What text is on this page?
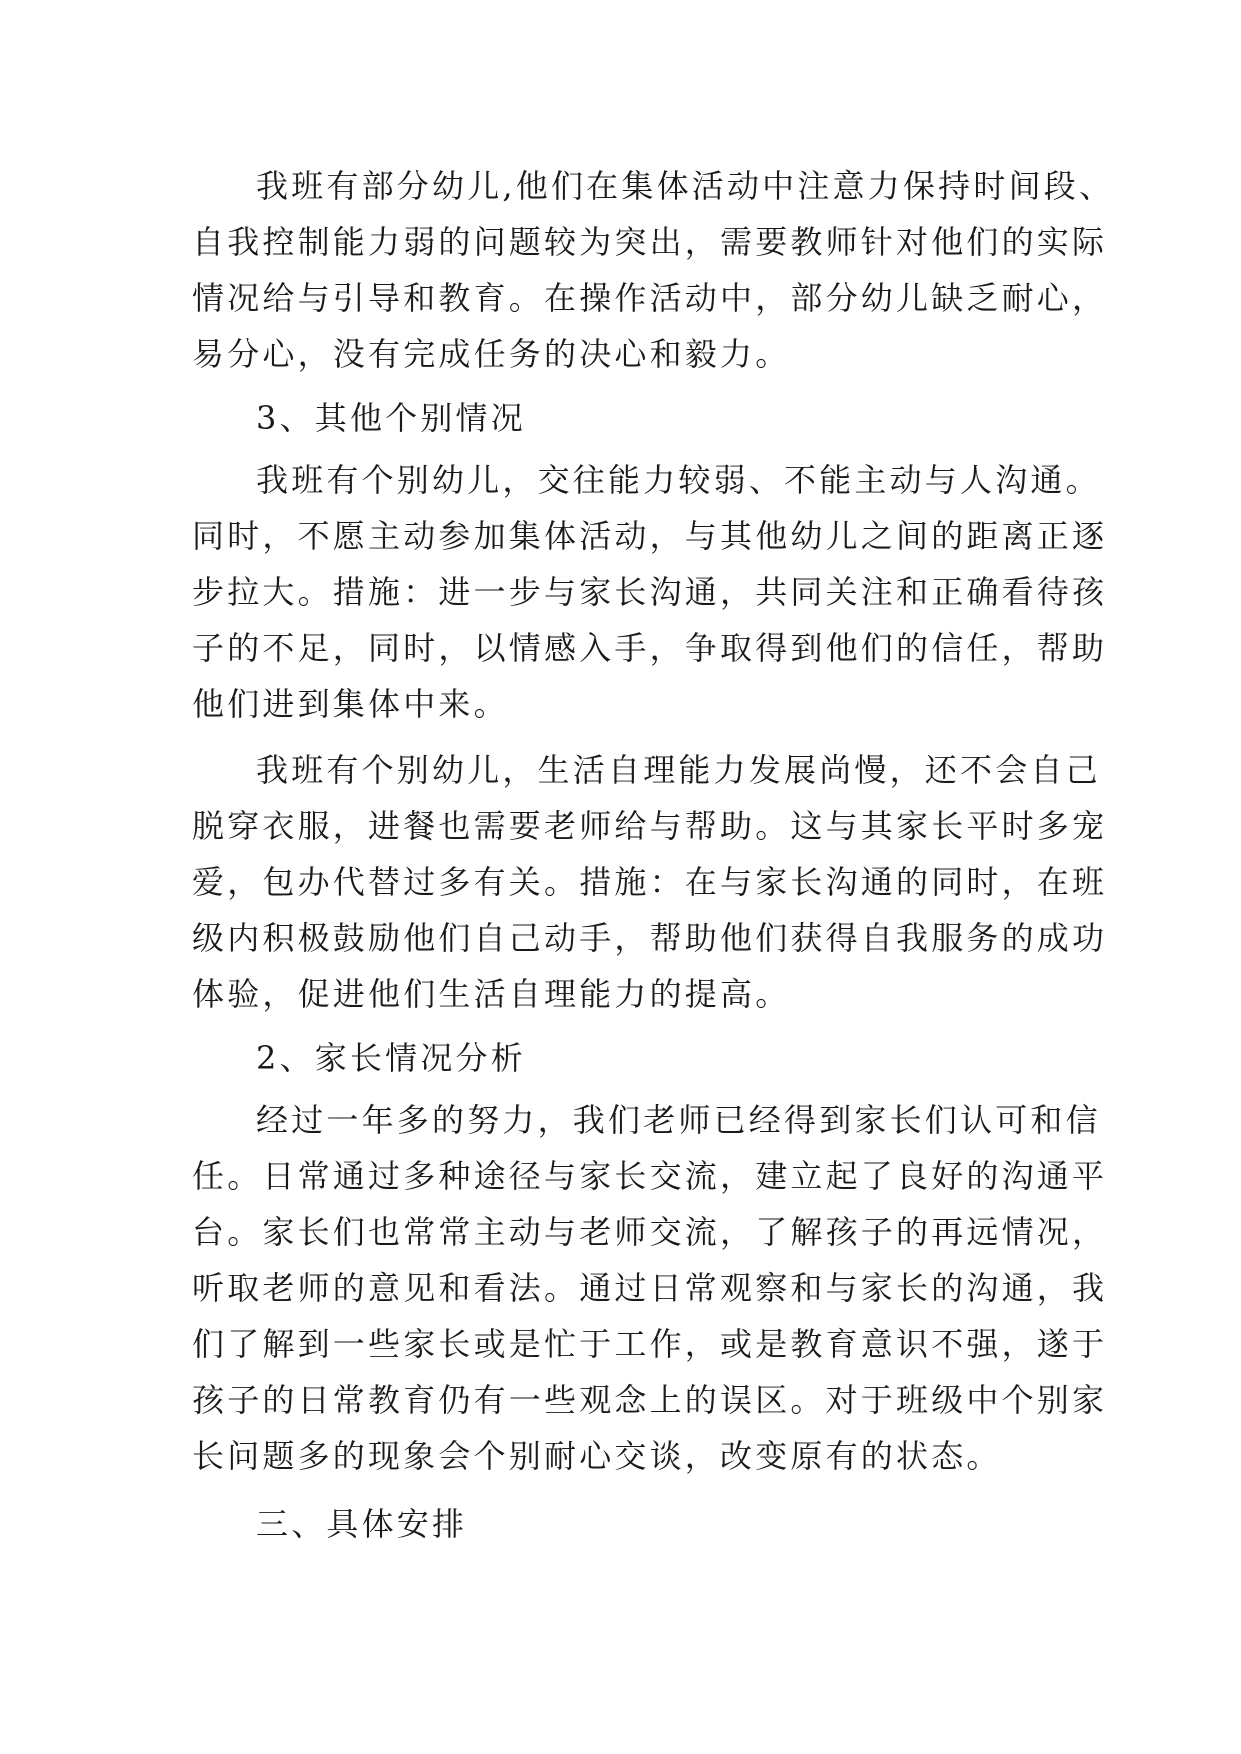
我班有部分幼儿,他们在集体活动中注意力保持时间段、
自我控制能力弱的问题较为突出，需要教师针对他们的实际
情况给与引导和教育。在操作活动中，部分幼儿缺乏耐心，
易分心，没有完成任务的决心和毅力。
3、其他个别情况
我班有个别幼儿，交往能力较弱、不能主动与人沟通。
同时，不愿主动参加集体活动，与其他幼儿之间的距离正逐
步拉大。措施：进一步与家长沟通，共同关注和正确看待孩
子的不足，同时，以情感入手，争取得到他们的信任，帮助
他们进到集体中来。
我班有个别幼儿，生活自理能力发展尚慢，还不会自己
脱穿衣服，进餐也需要老师给与帮助。这与其家长平时多宠
爱，包办代替过多有关。措施：在与家长沟通的同时，在班
级内积极鼓励他们自己动手，帮助他们获得自我服务的成功
体验，促进他们生活自理能力的提高。
2、家长情况分析
经过一年多的努力，我们老师已经得到家长们认可和信
任。日常通过多种途径与家长交流，建立起了良好的沟通平
台。家长们也常常主动与老师交流，了解孩子的再远情况，
听取老师的意见和看法。通过日常观察和与家长的沟通，我
们了解到一些家长或是忙于工作，或是教育意识不强，遂于
孩子的日常教育仍有一些观念上的误区。对于班级中个别家
长问题多的现象会个别耐心交谈，改变原有的状态。
三、具体安排
